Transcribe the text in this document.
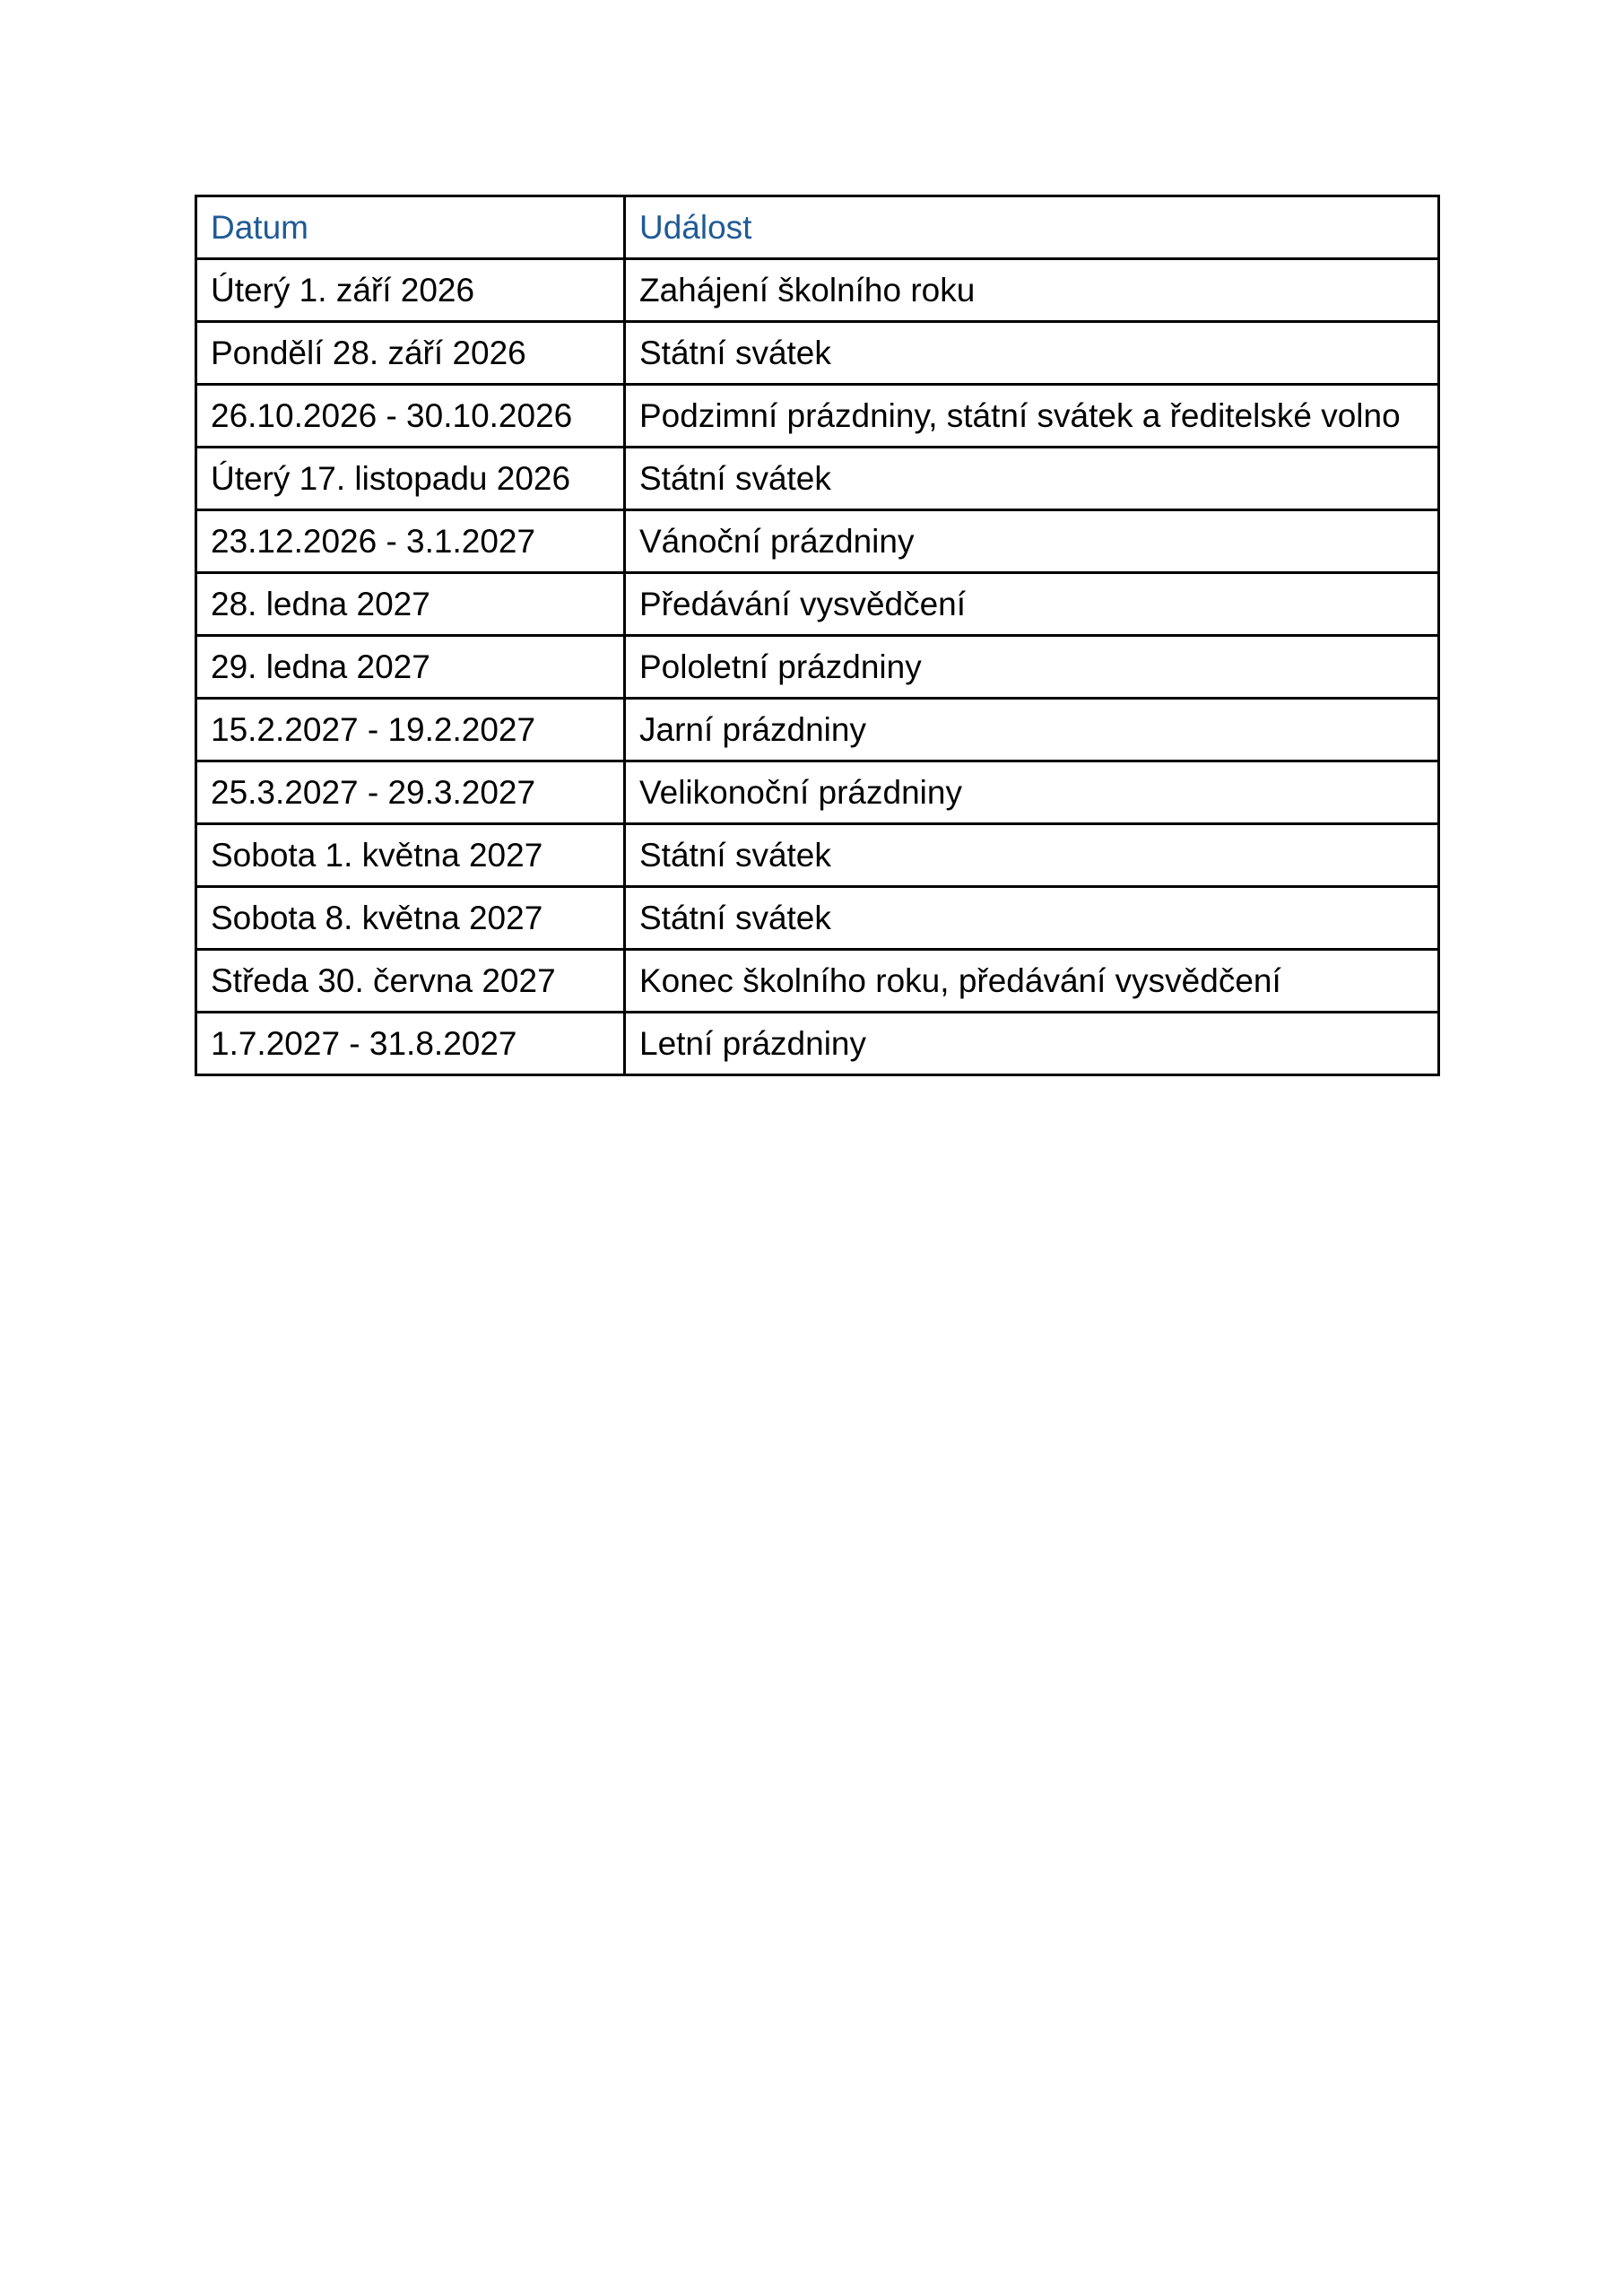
Datum	Událost
Úterý 1. září 2026	Zahájení školního roku
Pondělí 28. září 2026	Státní svátek
26.10.2026 - 30.10.2026	Podzimní prázdniny, státní svátek a ředitelské volno
Úterý 17. listopadu 2026	Státní svátek
23.12.2026 - 3.1.2027	Vánoční prázdniny
28. ledna 2027	Předávání vysvědčení
29. ledna 2027	Pololetní prázdniny
15.2.2027 - 19.2.2027	Jarní prázdniny
25.3.2027 - 29.3.2027	Velikonoční prázdniny
Sobota 1. května 2027	Státní svátek
Sobota 8. května 2027	Státní svátek
Středa 30. června 2027	Konec školního roku, předávání vysvědčení
1.7.2027 - 31.8.2027	Letní prázdniny
